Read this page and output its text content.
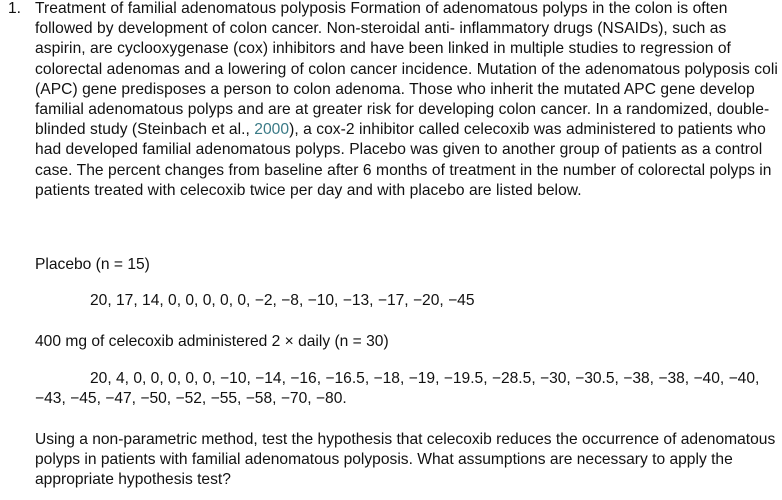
1. Treatment of familial adenomatous polyposis Formation of adenomatous polyps in the colon is often followed by development of colon cancer. Non-steroidal anti- inflammatory drugs (NSAIDs), such as aspirin, are cyclooxygenase (cox) inhibitors and have been linked in multiple studies to regression of colorectal adenomas and a lowering of colon cancer incidence. Mutation of the adenomatous polyposis coli (APC) gene predisposes a person to colon adenoma. Those who inherit the mutated APC gene develop familial adenomatous polyps and are at greater risk for developing colon cancer. In a randomized, double-blinded study (Steinbach et al., 2000), a cox-2 inhibitor called celecoxib was administered to patients who had developed familial adenomatous polyps. Placebo was given to another group of patients as a control case. The percent changes from baseline after 6 months of treatment in the number of colorectal polyps in patients treated with celecoxib twice per day and with placebo are listed below.

Placebo (n = 15)

20, 17, 14, 0, 0, 0, 0, 0, −2, −8, −10, −13, −17, −20, −45

400 mg of celecoxib administered 2 × daily (n = 30)

20, 4, 0, 0, 0, 0, 0, −10, −14, −16, −16.5, −18, −19, −19.5, −28.5, −30, −30.5, −38, −38, −40, −40, −43, −45, −47, −50, −52, −55, −58, −70, −80.

Using a non-parametric method, test the hypothesis that celecoxib reduces the occurrence of adenomatous polyps in patients with familial adenomatous polyposis. What assumptions are necessary to apply the appropriate hypothesis test?
